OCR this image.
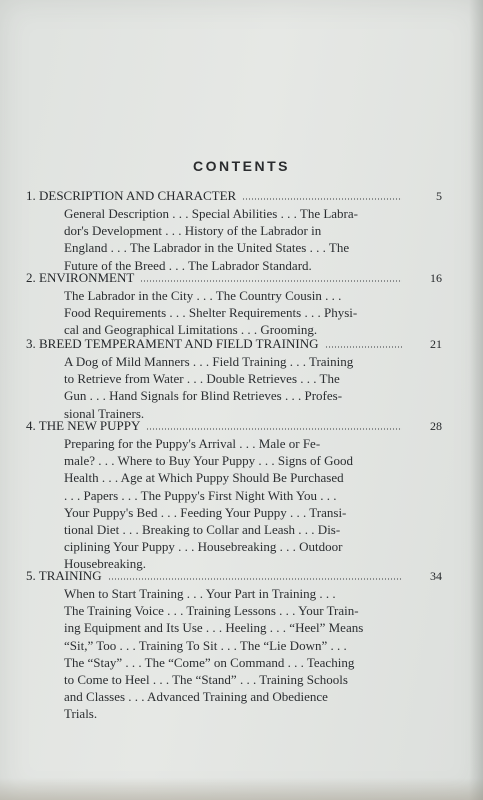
CONTENTS
1. DESCRIPTION AND CHARACTER	5
General Description . . . Special Abilities . . . The Labra-
dor's Development . . . History of the Labrador in
England . . . The Labrador in the United States . . . The
Future of the Breed . . . The Labrador Standard.
2. ENVIRONMENT	16
The Labrador in the City . . . The Country Cousin . . .
Food Requirements . . . Shelter Requirements . . . Physi-
cal and Geographical Limitations . . . Grooming.
3. BREED TEMPERAMENT AND FIELD TRAINING	21
A Dog of Mild Manners . . . Field Training . . . Training
to Retrieve from Water . . . Double Retrieves . . . The
Gun . . . Hand Signals for Blind Retrieves . . . Profes-
sional Trainers.
4. THE NEW PUPPY	28
Preparing for the Puppy's Arrival . . . Male or Fe-
male? . . . Where to Buy Your Puppy . . . Signs of Good
Health . . . Age at Which Puppy Should Be Purchased
. . . Papers . . . The Puppy's First Night With You . . .
Your Puppy's Bed . . . Feeding Your Puppy . . . Transi-
tional Diet . . . Breaking to Collar and Leash . . . Dis-
ciplining Your Puppy . . . Housebreaking . . . Outdoor
Housebreaking.
5. TRAINING	34
When to Start Training . . . Your Part in Training . . .
The Training Voice . . . Training Lessons . . . Your Train-
ing Equipment and Its Use . . . Heeling . . . “Heel” Means
“Sit,” Too . . . Training To Sit . . . The “Lie Down” . . .
The “Stay” . . . The “Come” on Command . . . Teaching
to Come to Heel . . . The “Stand” . . . Training Schools
and Classes . . . Advanced Training and Obedience
Trials.
